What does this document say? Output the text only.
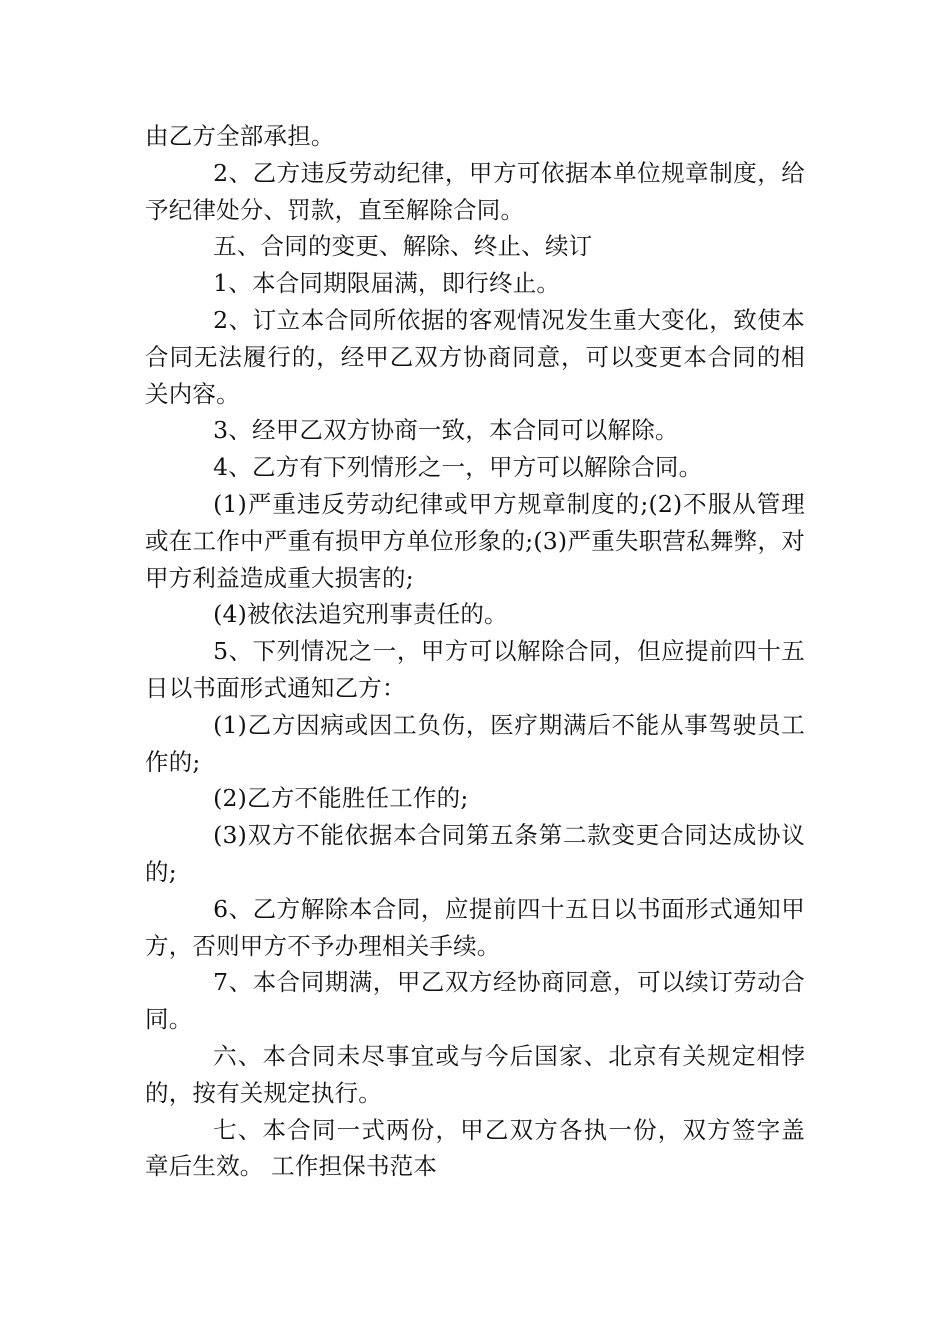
由乙方全部承担。

2、乙方违反劳动纪律，甲方可依据本单位规章制度，给予纪律处分、罚款，直至解除合同。

五、合同的变更、解除、终止、续订

1、本合同期限届满，即行终止。

2、订立本合同所依据的客观情况发生重大变化，致使本合同无法履行的，经甲乙双方协商同意，可以变更本合同的相关内容。

3、经甲乙双方协商一致，本合同可以解除。

4、乙方有下列情形之一，甲方可以解除合同。

(1)严重违反劳动纪律或甲方规章制度的;(2)不服从管理或在工作中严重有损甲方单位形象的;(3)严重失职营私舞弊，对甲方利益造成重大损害的;

(4)被依法追究刑事责任的。

5、下列情况之一，甲方可以解除合同，但应提前四十五日以书面形式通知乙方：

(1)乙方因病或因工负伤，医疗期满后不能从事驾驶员工作的;

(2)乙方不能胜任工作的;

(3)双方不能依据本合同第五条第二款变更合同达成协议的;

6、乙方解除本合同，应提前四十五日以书面形式通知甲方，否则甲方不予办理相关手续。

7、本合同期满，甲乙双方经协商同意，可以续订劳动合同。

六、本合同未尽事宜或与今后国家、北京有关规定相悖的，按有关规定执行。

七、本合同一式两份，甲乙双方各执一份，双方签字盖章后生效。 工作担保书范本
